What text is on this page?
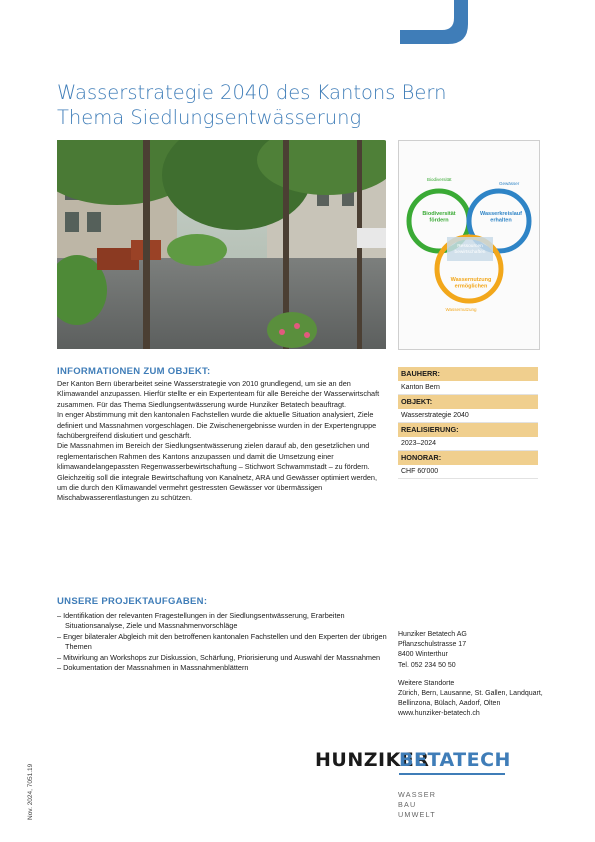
Wasserstrategie 2040 des Kantons Bern
Thema Siedlungsentwässerung
Biodiversität
Gewässer
Biodiversität fördern
Wasserkreislauf erhalten
Ressourcen bewirtschaften
Wassernutzung ermöglichen
Wassernutzung
INFORMATIONEN ZUM OBJEKT:

Der Kanton Bern überarbeitet seine Wasserstrategie von 2010 grundlegend, um sie an den Klimawandel anzupassen. Hierfür stellte er ein Expertenteam für alle Bereiche der Wasserwirtschaft zusammen. Für das Thema Siedlungsentwässerung wurde Hunziker Betatech beauftragt.

In enger Abstimmung mit den kantonalen Fachstellen wurde die aktuelle Situation analysiert, Ziele definiert und Massnahmen vorgeschlagen. Die Zwischenergebnisse wurden in der Expertengruppe fachübergreifend diskutiert und geschärft.

Die Massnahmen im Bereich der Siedlungsentwässerung zielen darauf ab, den gesetzlichen und reglementarischen Rahmen des Kantons anzupassen und damit die Umsetzung einer klimawandelangepassten Regenwasserbewirtschaftung – Stichwort Schwammstadt – zu fördern.

Gleichzeitig soll die integrale Bewirtschaftung von Kanalnetz, ARA und Gewässer optimiert werden, um die durch den Klimawandel vermehrt gestressten Gewässer vor übermässigen Mischabwasserentlastungen zu schützen.

BAUHERR:
Kanton Bern
OBJEKT:
Wasserstrategie 2040
REALISIERUNG:
2023–2024
HONORAR:
CHF 60'000
UNSERE PROJEKTAUFGABEN:
– Identifikation der relevanten Fragestellungen in der Siedlungsentwässerung, Erarbeiten Situationsanalyse, Ziele und Massnahmenvorschläge
– Enger bilateraler Abgleich mit den betroffenen kantonalen Fachstellen und den Experten der übrigen Themen
– Mitwirkung an Workshops zur Diskussion, Schärfung, Priorisierung und Auswahl der Massnahmen
– Dokumentation der Massnahmen in Massnahmenblättern
Hunziker Betatech AG
Pflanzschulstrasse 17
8400 Winterthur
Tel. 052 234 50 50
Weitere Standorte
Zürich, Bern, Lausanne, St. Gallen, Landquart,
Bellinzona, Bülach, Aadorf, Olten
www.hunziker-betatech.ch
HUNZIKER
BETATECH
WASSER
BAU
UMWELT
Nov. 2024, 7051.19
